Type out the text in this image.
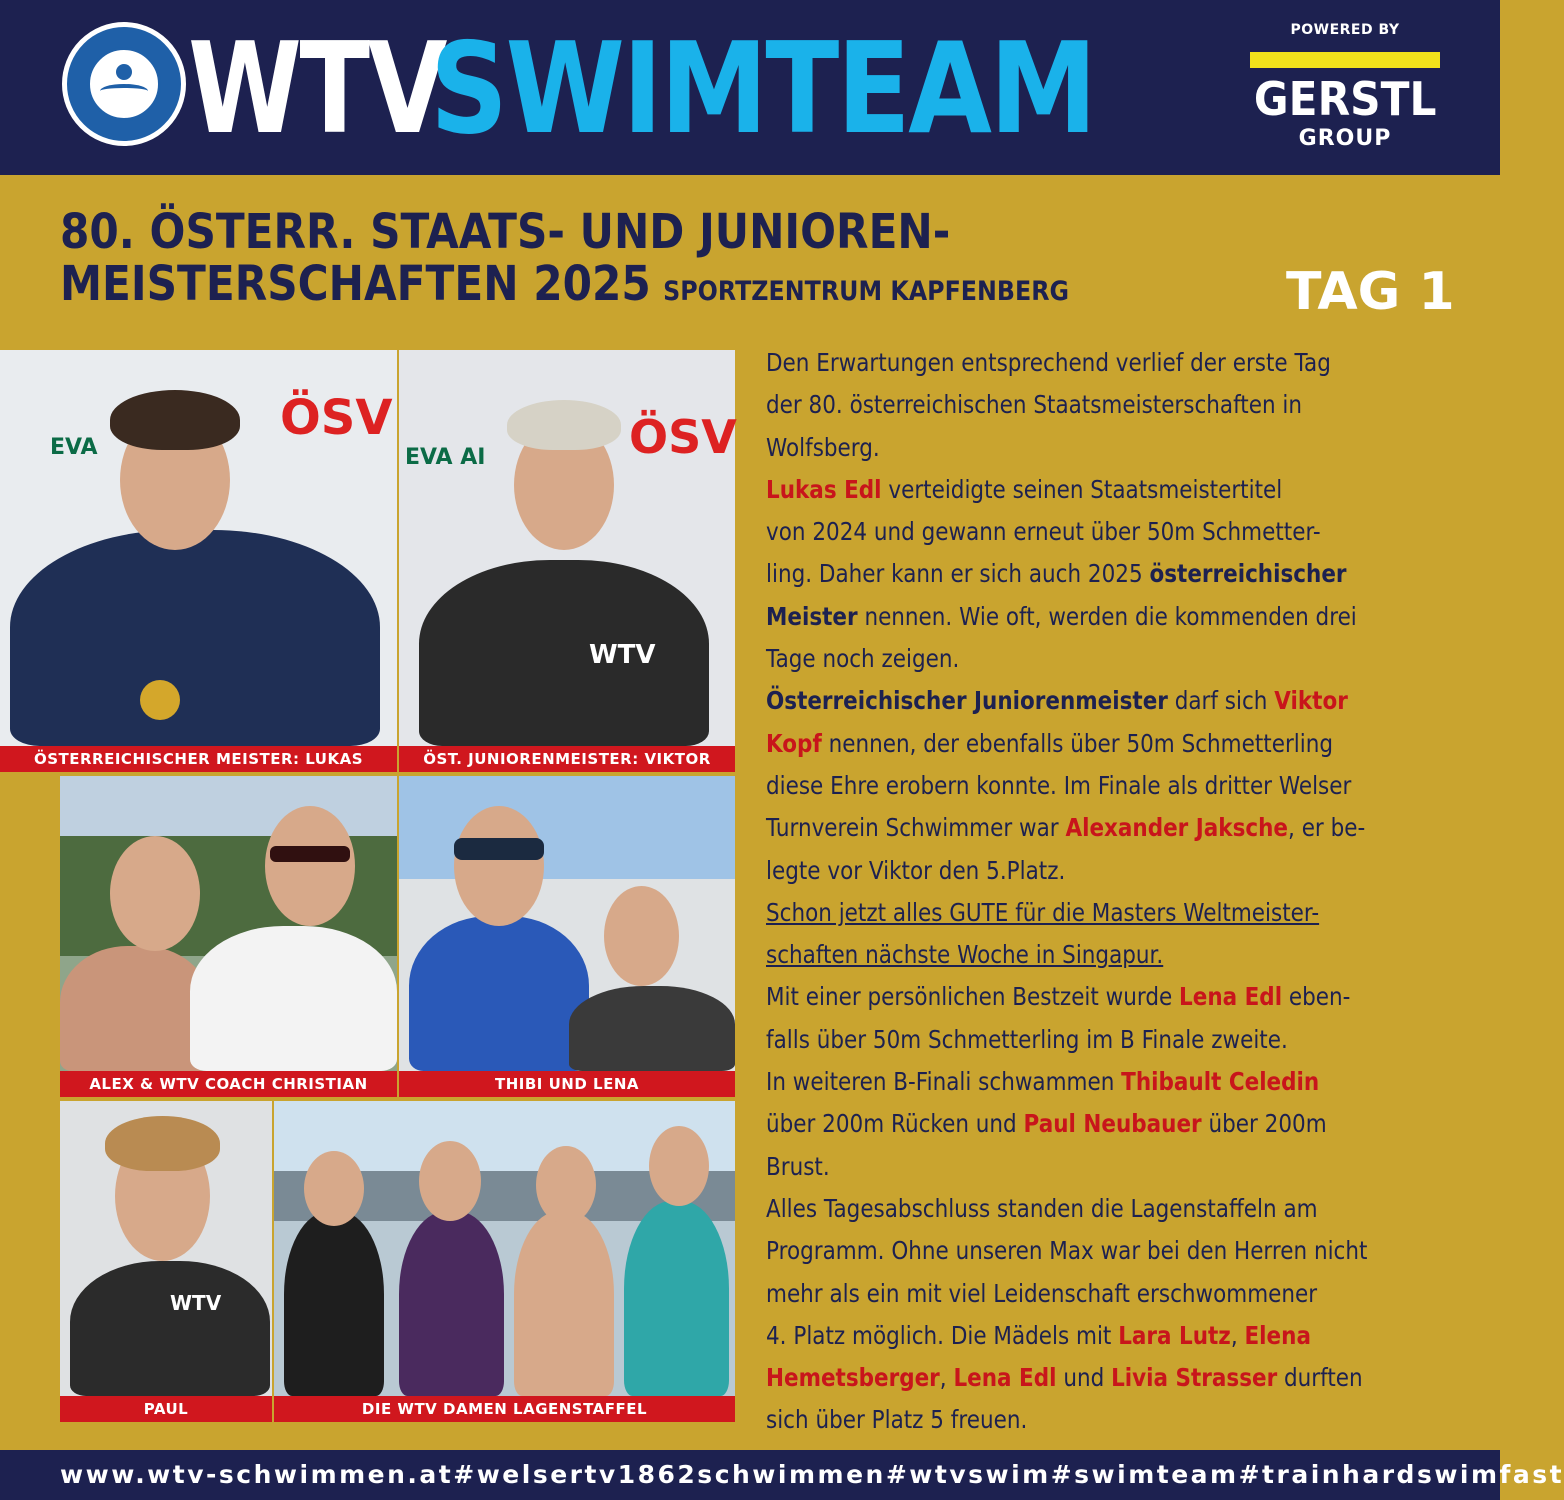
WTV
SWIMTEAM	POWERED BY
GERSTL
GROUP
80. ÖSTERR. STAATS- UND JUNIOREN-
MEISTERSCHAFTEN 2025 SPORTZENTRUM KAPFENBERG	TAG 1
ÖSV
EVA	ÖSV
EVA AI
WTV
ÖSTERREICHISCHER MEISTER: LUKAS	ÖST. JUNIORENMEISTER: VIKTOR
ALEX & WTV COACH CHRISTIAN	THIBI UND LENA
WTV
PAUL	DIE WTV DAMEN LAGENSTAFFEL
Den Erwartungen entsprechend verlief der erste Tag
der 80. österreichischen Staatsmeisterschaften in
Wolfsberg.
Lukas Edl verteidigte seinen Staatsmeistertitel
von 2024 und gewann erneut über 50m Schmetter-
ling. Daher kann er sich auch 2025 österreichischer
Meister nennen. Wie oft, werden die kommenden drei
Tage noch zeigen.
Österreichischer Juniorenmeister darf sich Viktor
Kopf nennen, der ebenfalls über 50m Schmetterling
diese Ehre erobern konnte. Im Finale als dritter Welser
Turnverein Schwimmer war Alexander Jaksche, er be-
legte vor Viktor den 5.Platz.
Schon jetzt alles GUTE für die Masters Weltmeister-
schaften nächste Woche in Singapur.
Mit einer persönlichen Bestzeit wurde Lena Edl eben-
falls über 50m Schmetterling im B Finale zweite.
In weiteren B-Finali schwammen Thibault Celedin
über 200m Rücken und Paul Neubauer über 200m
Brust.
Alles Tagesabschluss standen die Lagenstaffeln am
Programm. Ohne unseren Max war bei den Herren nicht
mehr als ein mit viel Leidenschaft erschwommener
4. Platz möglich. Die Mädels mit Lara Lutz, Elena
Hemetsberger, Lena Edl und Livia Strasser durften
sich über Platz 5 freuen.
www.wtv-schwimmen.at #welsertv1862schwimmen #wtvswim #swimteam #trainhardswimfast
